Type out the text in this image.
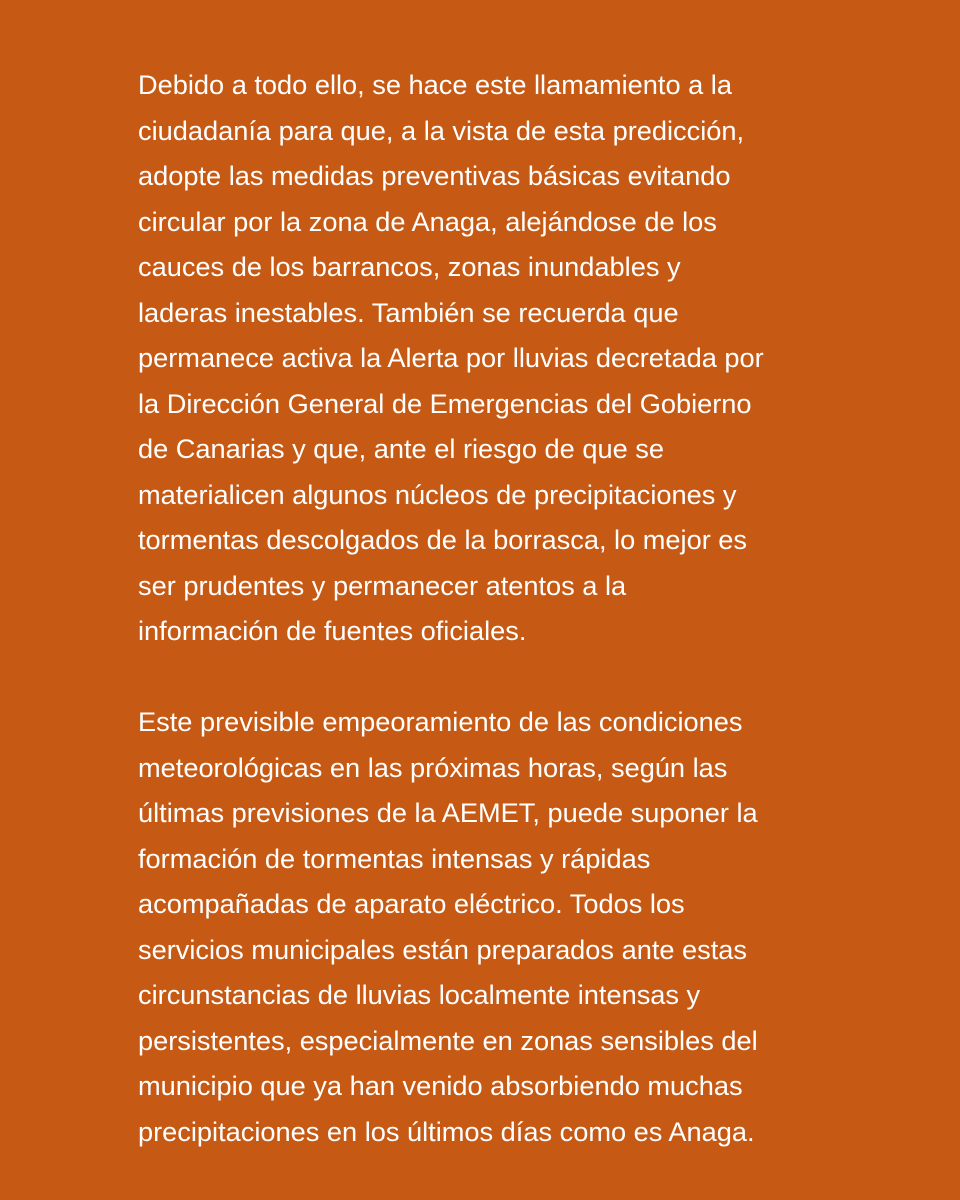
Debido a todo ello, se hace este llamamiento a la
ciudadanía para que, a la vista de esta predicción,
adopte las medidas preventivas básicas evitando
circular por la zona de Anaga, alejándose de los
cauces de los barrancos, zonas inundables y
laderas inestables. También se recuerda que
permanece activa la Alerta por lluvias decretada por
la Dirección General de Emergencias del Gobierno
de Canarias y que, ante el riesgo de que se
materialicen algunos núcleos de precipitaciones y
tormentas descolgados de la borrasca, lo mejor es
ser prudentes y permanecer atentos a la
información de fuentes oficiales.

Este previsible empeoramiento de las condiciones
meteorológicas en las próximas horas, según las
últimas previsiones de la AEMET, puede suponer la
formación de tormentas intensas y rápidas
acompañadas de aparato eléctrico. Todos los
servicios municipales están preparados ante estas
circunstancias de lluvias localmente intensas y
persistentes, especialmente en zonas sensibles del
municipio que ya han venido absorbiendo muchas
precipitaciones en los últimos días como es Anaga.
